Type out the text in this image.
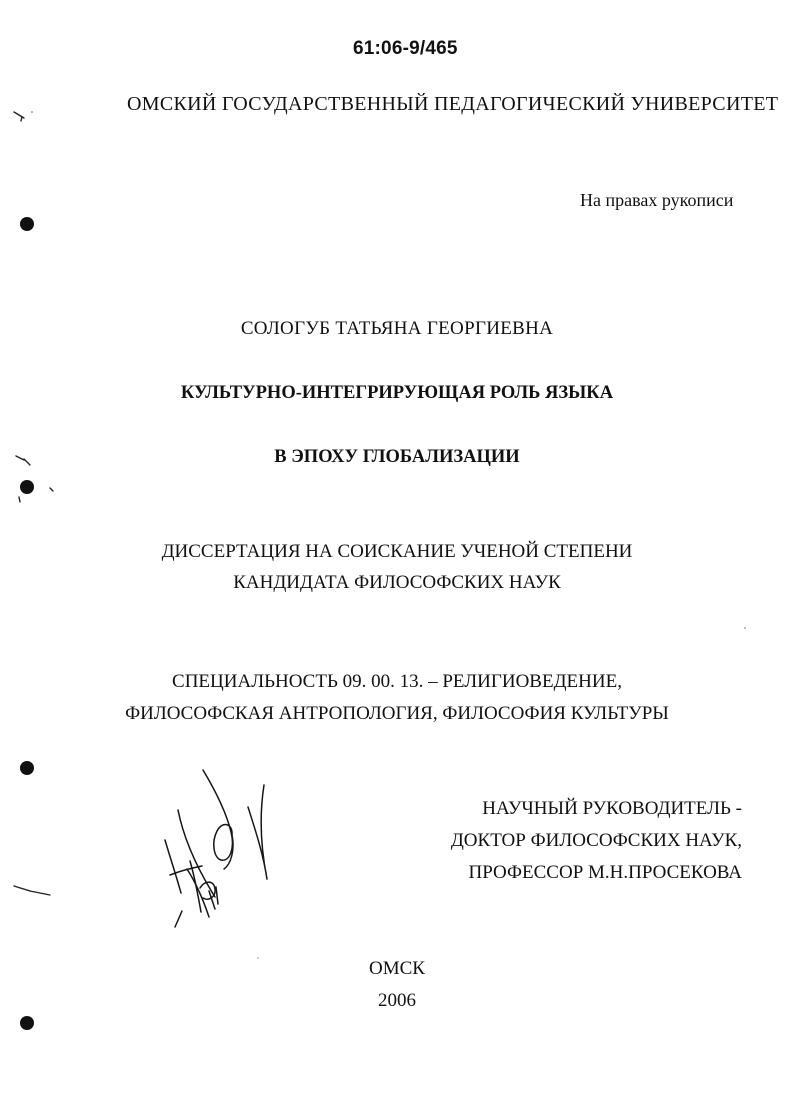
61:06-9/465
ОМСКИЙ ГОСУДАРСТВЕННЫЙ ПЕДАГОГИЧЕСКИЙ УНИВЕРСИТЕТ
На правах рукописи
СОЛОГУБ ТАТЬЯНА ГЕОРГИЕВНА
КУЛЬТУРНО-ИНТЕГРИРУЮЩАЯ РОЛЬ ЯЗЫКА
В ЭПОХУ ГЛОБАЛИЗАЦИИ
ДИССЕРТАЦИЯ НА СОИСКАНИЕ УЧЕНОЙ СТЕПЕНИ
КАНДИДАТА ФИЛОСОФСКИХ НАУК
СПЕЦИАЛЬНОСТЬ 09. 00. 13. – РЕЛИГИОВЕДЕНИЕ,
ФИЛОСОФСКАЯ АНТРОПОЛОГИЯ, ФИЛОСОФИЯ КУЛЬТУРЫ
НАУЧНЫЙ РУКОВОДИТЕЛЬ -
ДОКТОР ФИЛОСОФСКИХ НАУК,
ПРОФЕССОР М.Н.ПРОСЕКОВА
ОМСК
2006
